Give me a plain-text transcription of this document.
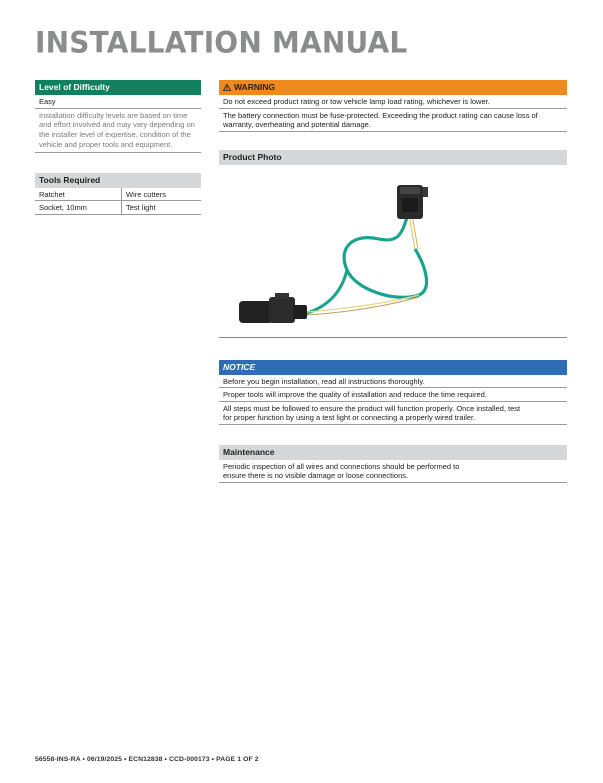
INSTALLATION MANUAL
Level of Difficulty
Easy
Installation difficulty levels are based on time and effort involved and may vary depending on the installer level of expertise, condition of the vehicle and proper tools and equipment.
Tools Required
Ratchet	Wire cutters
Socket, 10mm	Test light
WARNING
Do not exceed product rating or tow vehicle lamp load rating, whichever is lower.
The battery connection must be fuse-protected. Exceeding the product rating can cause loss of warranty, overheating and potential damage.
Product Photo
NOTICE
Before you begin installation, read all instructions thoroughly.
Proper tools will improve the quality of installation and reduce the time required.
All steps must be followed to ensure the product will function properly. Once installed, test for proper function by using a test light or connecting a properly wired trailer.
Maintenance
Periodic inspection of all wires and connections should be performed to ensure there is no visible damage or loose connections.
56558-INS-RA • 06/19/2025 • ECN12838 • CCD-000173 • PAGE 1 OF 2
